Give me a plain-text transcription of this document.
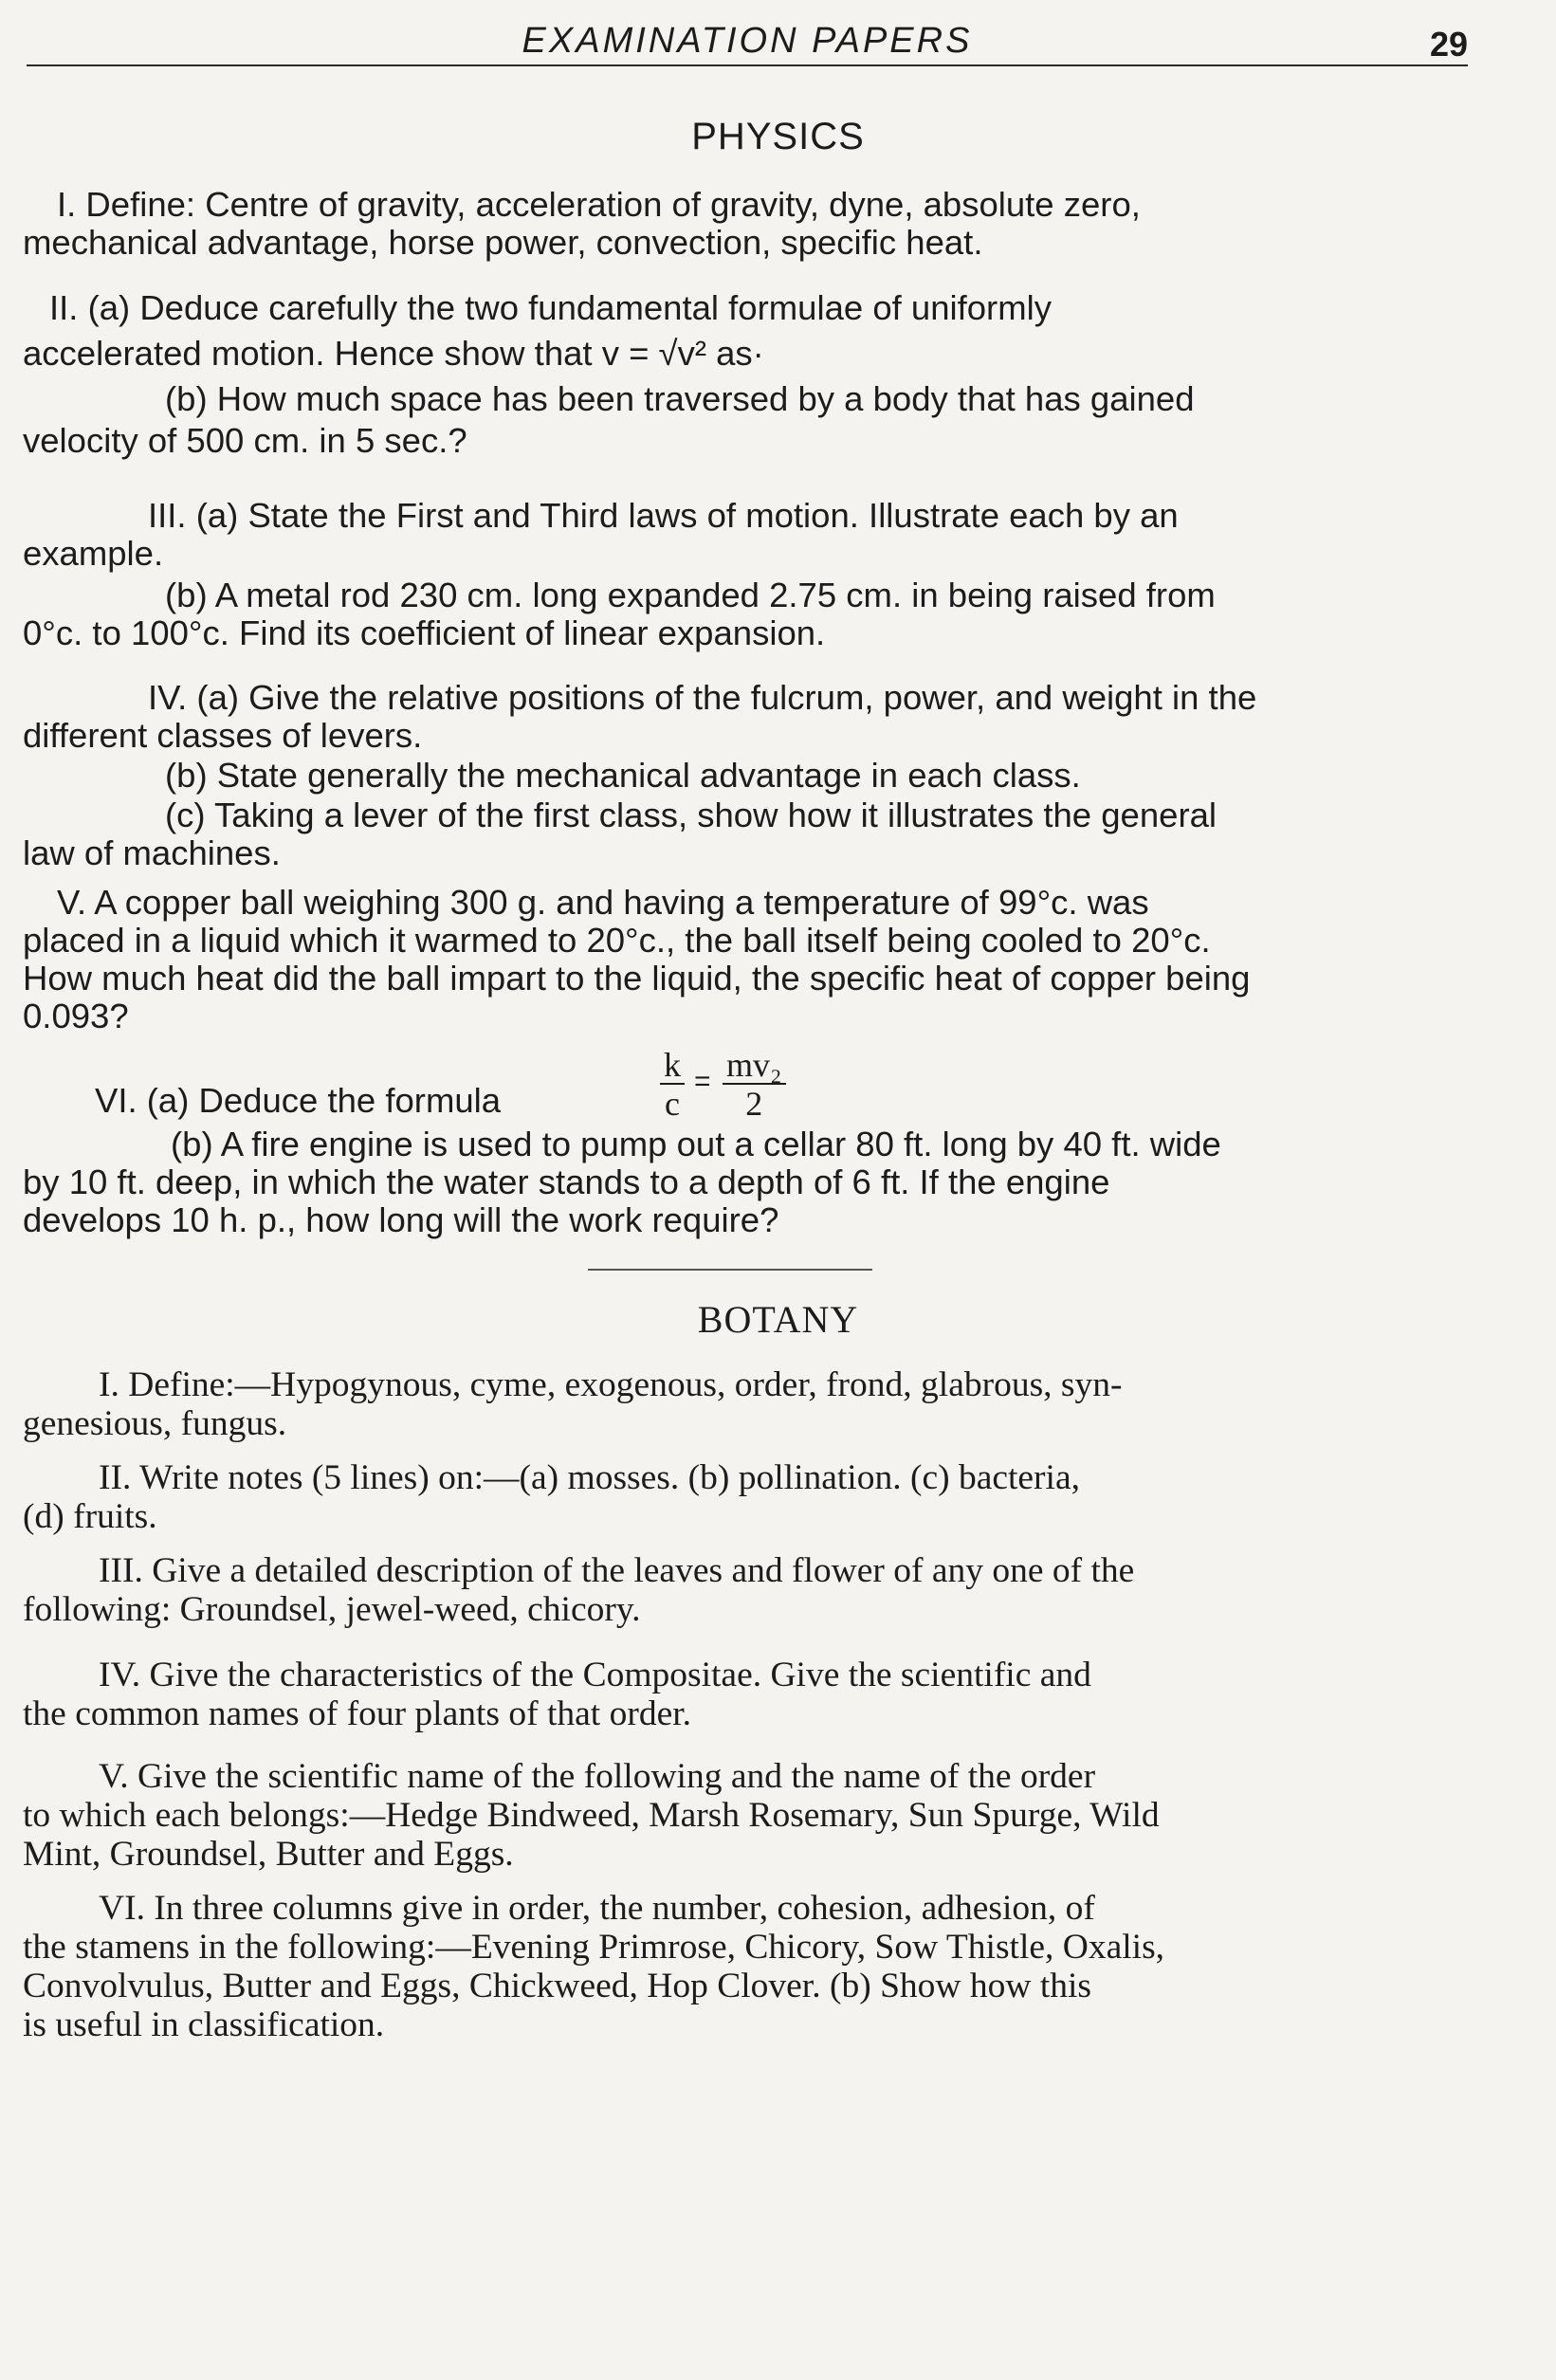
EXAMINATION PAPERS	29
PHYSICS
I. Define: Centre of gravity, acceleration of gravity, dyne, absolute zero,
mechanical advantage, horse power, convection, specific heat.
II. (a) Deduce carefully the two fundamental formulae of uniformly
accelerated motion. Hence show that v = √v² as·
(b) How much space has been traversed by a body that has gained
velocity of 500 cm. in 5 sec.?
III. (a) State the First and Third laws of motion. Illustrate each by an
example.
(b) A metal rod 230 cm. long expanded 2.75 cm. in being raised from
0°c. to 100°c. Find its coefficient of linear expansion.
IV. (a) Give the relative positions of the fulcrum, power, and weight in the
different classes of levers.
(b) State generally the mechanical advantage in each class.
(c) Taking a lever of the first class, show how it illustrates the general
law of machines.
V. A copper ball weighing 300 g. and having a temperature of 99°c. was
placed in a liquid which it warmed to 20°c., the ball itself being cooled to 20°c.
How much heat did the ball impart to the liquid, the specific heat of copper being
0.093?
VI. (a) Deduce the formula	$\frac{k}{c} = \frac{\text{mv₂}}{2}$
(b) A fire engine is used to pump out a cellar 80 ft. long by 40 ft. wide
by 10 ft. deep, in which the water stands to a depth of 6 ft. If the engine
develops 10 h. p., how long will the work require?
BOTANY
I. Define:—Hypogynous, cyme, exogenous, order, frond, glabrous, syn-
genesious, fungus.
II. Write notes (5 lines) on:—(a) mosses. (b) pollination. (c) bacteria,
(d) fruits.
III. Give a detailed description of the leaves and flower of any one of the
following: Groundsel, jewel-weed, chicory.
IV. Give the characteristics of the Compositae. Give the scientific and
the common names of four plants of that order.
V. Give the scientific name of the following and the name of the order
to which each belongs:—Hedge Bindweed, Marsh Rosemary, Sun Spurge, Wild
Mint, Groundsel, Butter and Eggs.
VI. In three columns give in order, the number, cohesion, adhesion, of
the stamens in the following:—Evening Primrose, Chicory, Sow Thistle, Oxalis,
Convolvulus, Butter and Eggs, Chickweed, Hop Clover. (b) Show how this
is useful in classification.
